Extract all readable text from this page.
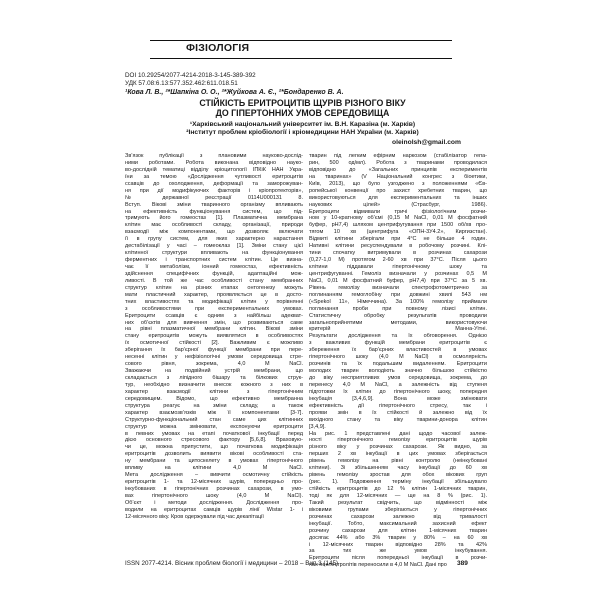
ФІЗІОЛОГІЯ
DOI 10.29254/2077-4214-2018-3-145-389-392
УДК 57.08:6.13:577.352.462:611.018.51
¹Кова Л. В., ²*Шапкіна О. О., ²*Жуйкова А. Є., ²*Бондаренко В. А.
СТІЙКІСТЬ ЕРИТРОЦИТІВ ЩУРІВ РІЗНОГО ВІКУ
ДО ГІПЕРТОННИХ УМОВ СЕРЕДОВИЩА
¹Харківський національний університет ім. В.Н. Каразіна (м. Харків)
²Інститут проблем кріобіології і кріомедицини НАН України (м. Харків)
oleinolsh@gmail.com
Зв’язок публікації з плановими науково-дослід-
ними роботами. Робота виконана відповідно науко-
во-дослідній тематиці відділу кріоцитології ІПКіК НАН Укра-
їни за темою «Дослідження чутливості еритроцитів
ссавців до охолодження, деформації та заморожуван-
ня при дії модифікуючих факторів і кріопротекторів»,
№ державної реєстрації 0114U000131 8.
Вступ. Вікові зміни тваринного організму впливають
на ефективність функціонування систем, що під-
тримують його гомеостаз [1]. Плазматична мембрана
клітин має особливості складу, організації, природи
взаємодії між компонентами, що дозволяє включати
її в групу систем, для яких характерно нарастання
дестабілізації у часі – гомеоклаз [1]. Зміни стану цієї
клітинної структури впливають на функціонування
ферментних і транспортних систем клітин. Це визна-
чає її метаболізм, іонний гомеостаз, ефективність
здійснення специфічних функцій, адаптаційні мож-
ливості. В той же час особливості стану мембранних
структур клітин на різних етапах онтогенезу можуть
мати пластичний характер, проявляється це в досто-
тних властивостях та модифікації клітин у порівнянні
з особливостями при експериментальних умовах.
Еритроцити ссавців є одним з найбільш адекват-
них об’єктів для вивчення змін, що розвиваються саме
на рівні плазматичної мембрани клітин. Вікові зміни
стану еритроцитів можуть виявлятися в особливостях
їх осмотичної стійкості [2]. Важливим є можливо
зберігання їх бар’єрної функції мембрани при пере-
несенні клітин у нефізіологічні умови середовища стре-
сового рівня, зокрема, 4,0 М NaCl.
Зважаючи на подвійний устрій мембрани, що
складається з ліпідного бішару та білкових струк-
тур, необхідно визначити внесок кожного з них в
характер взаємодії клітини з гіпертонічним
середовищем. Відомо, що ефективно мембранна
структура реагує на зміни складу, а також
характер взаємозв’язків між її компонентами [3-7].
Структурно-функціональний стан саме цих клітинних
структур можна змінювати, експонуючи еритроцити
в певних умовах на етапі початкової інкубації перед
дією основного стресового фактору [5,6,8]. Враховую-
чи це, можна припустити, що початкова модифікація
еритроцитів дозволить виявити вікові особливості ста-
ну мембрани та цитоскелету в умовах гіпертонічного
впливу на клітини 4,0 М NaCl.
Мета дослідження – вивчити осмотичну стійкість
еритроцитів 1- та 12-місячних щурів, попередньо про-
інкубованих в гіпертонічних розчинах сахарози, в умо-
вах гіпертонічного шоку (4,0 М NaCl).
Об’єкт і методи дослідження. Дослідження про-
водили на еритроцитах самців щурів лінії Wistar 1- і
12-місячного віку. Кров одержували під час декапітації
тварин під легким ефірним наркозом (стабілізатор гепа-
рин, 500 од/мл). Робота з тваринами проводилася
відповідно до «Загальних принципів експериментів
на тваринах» (V Національний конгрес з біоетики,
Київ, 2013), що було узгоджено з положеннями «Єв-
ропейської конвенції про захист хребетних тварин, що
використовуються для експериментальних та інших
наукових цілей» (Страсбург, 1986).
Еритроцити відмивали тричі фізіологічним розчи-
ном у 10-кратному об’ємі (0,15 М NaCl, 0,01 М фосфатний
буфер, рН7,4) шляхом центрифугування при 1500 об/хв про-
тягом 10 хв (центрифуга «ОПН-3У4.2», Киргизстан).
Відмиті клітини зберігали при 4°С не більше 4 годин.
Нативні клітини ресуспендували в робочому розчині. Клі-
тини спочатку витримували в розчинах сахарози
(0,27-1,0 М) протягом 2-60 хв при 37°С. Після цього
клітини піддавали гіпертонічному шоку та
центрифугуванні. Гемоліз визначали у розчинах 0,5 М
NaCl, 0,01 М фосфатний буфер, рН7,4) при 37°С за 5 хв.
Рівень гемолізу визначали спектрофотометрично за
поглинанням гемоглобіну при довжині хвилі 543 нм
(«Spekol 11», Німеччина). За 100% гемолізу приймали
поглинання проби при повному лізисі клітин.
Статистичну обробку результатів проводили
загальноприйнятими методами, використовуючи
критерій Манна-Уітні.
Результати дослідження та їх обговорення. Однією
з важливих функцій мембрани еритроцитів є
збереження їх бар’єрних властивостей в умовах
гіпертонічного шоку (4,0 М NaCl) в осмолярність
розчинів та їх подальшим видаленням. Еритроцити
молодих тварин володіють значно більшою стійкістю
до віку несприятливих умов середовища, зокрема, до
перенесу 4,0 М NaCl, а залежність від ступеня
підготовки їх клітин до гіпертонічного шоку, попередня
інкубація [3,4,6,9]. Вона може змінювати
ефективність дії гіпертонічного стресу, так і
прояви змін в їх стійкості й залежно від їх
вихідного стану та віку тварини-донора клітин
[3,4,9].
На рис. 1 представлені дані щодо часової залеж-
ності гіпертонічного гемолізу еритроцитів щурів
різного віку у розчинах сахарози. Як видно, за
перших 2 хв інкубації в цих умовах зберігається
рівень гемолізу на рівні контролю (неінкубовані
клітини). Зі збільшенням часу інкубації до 60 хв
рівень гемолізу зростав для обох вікових груп
(рис. 1). Подовження терміну інкубації збільшувало
стійкість еритроцитів до 12 % клітин 1-місячних тварин,
тоді як для 12-місячних — ще на 8 % (рис. 1).
Такий результат свідчить, що відмінності між
віковими групами зберігаються у гіпертонічних
розчинах сахарози залежно від тривалості
інкубації. Тобто, максимальний захисний ефект
розчину сахарози для клітин 1-місячних тварин
досягає 44% або 3% тварин у 80% – на 60 хв
і 12-місячних тварин відповідно 28% та 42%
за тих же умов інкубування.
Еритроцити після попередньої інкубації в розчи-
нах неелектролітів переносили в 4,0 М NaCl. Дані про
ISSN 2077-4214. Вісник проблем біології і медицини – 2018 – Вип.3 (145)	389
